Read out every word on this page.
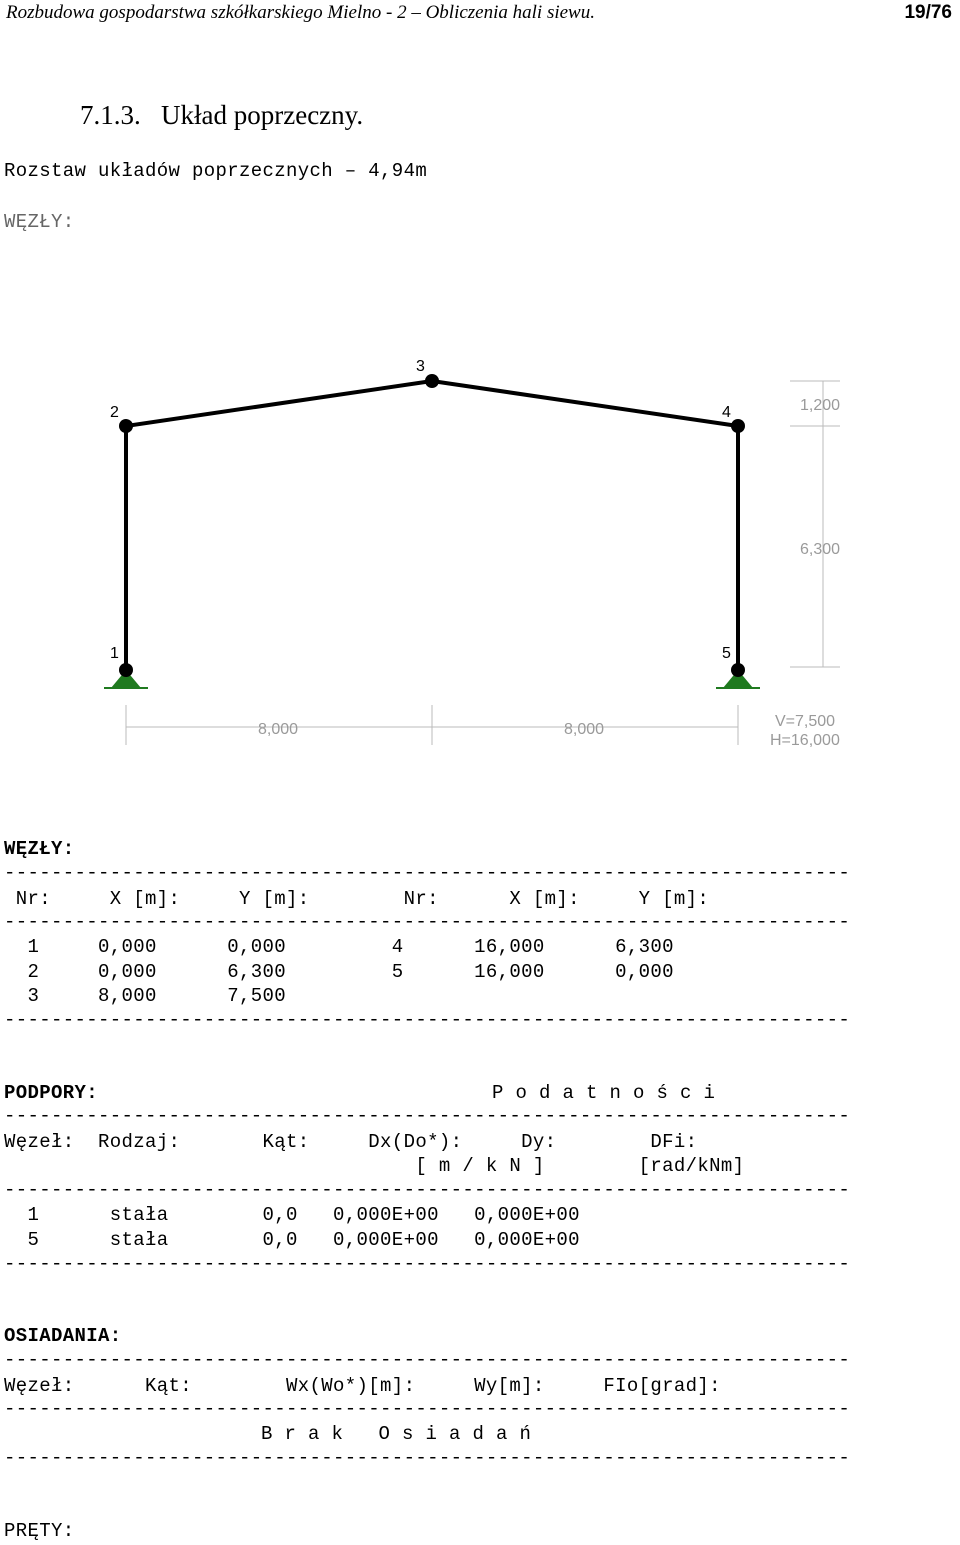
Rozbudowa gospodarstwa szkółkarskiego Mielno - 2 – Obliczenia hali siewu.	19/76
7.1.3.   Układ poprzeczny.
Rozstaw układów poprzecznych – 4,94m
WĘZŁY:
1
2
3
4
5
1,200
6,300
8,000	8,000	V=7,500
H=16,000
WĘZŁY:
------------------------------------------------------------------------
Nr:     X [m]:     Y [m]:        Nr:      X [m]:     Y [m]:
------------------------------------------------------------------------
1     0,000      0,000         4      16,000      6,300
2     0,000      6,300         5      16,000      0,000
3     8,000      7,500
------------------------------------------------------------------------
PODPORY:	P o d a t n o ś c i
------------------------------------------------------------------------
Węzeł:  Rodzaj:       Kąt:     Dx(Do*):     Dy:        DFi:
[ m / k N ]        [rad/kNm]
------------------------------------------------------------------------
1      stała        0,0   0,000E+00   0,000E+00
5      stała        0,0   0,000E+00   0,000E+00
------------------------------------------------------------------------
OSIADANIA:
------------------------------------------------------------------------
Węzeł:      Kąt:        Wx(Wo*)[m]:     Wy[m]:     FIo[grad]:
------------------------------------------------------------------------
B r a k   O s i a d a ń
------------------------------------------------------------------------
PRĘTY:
